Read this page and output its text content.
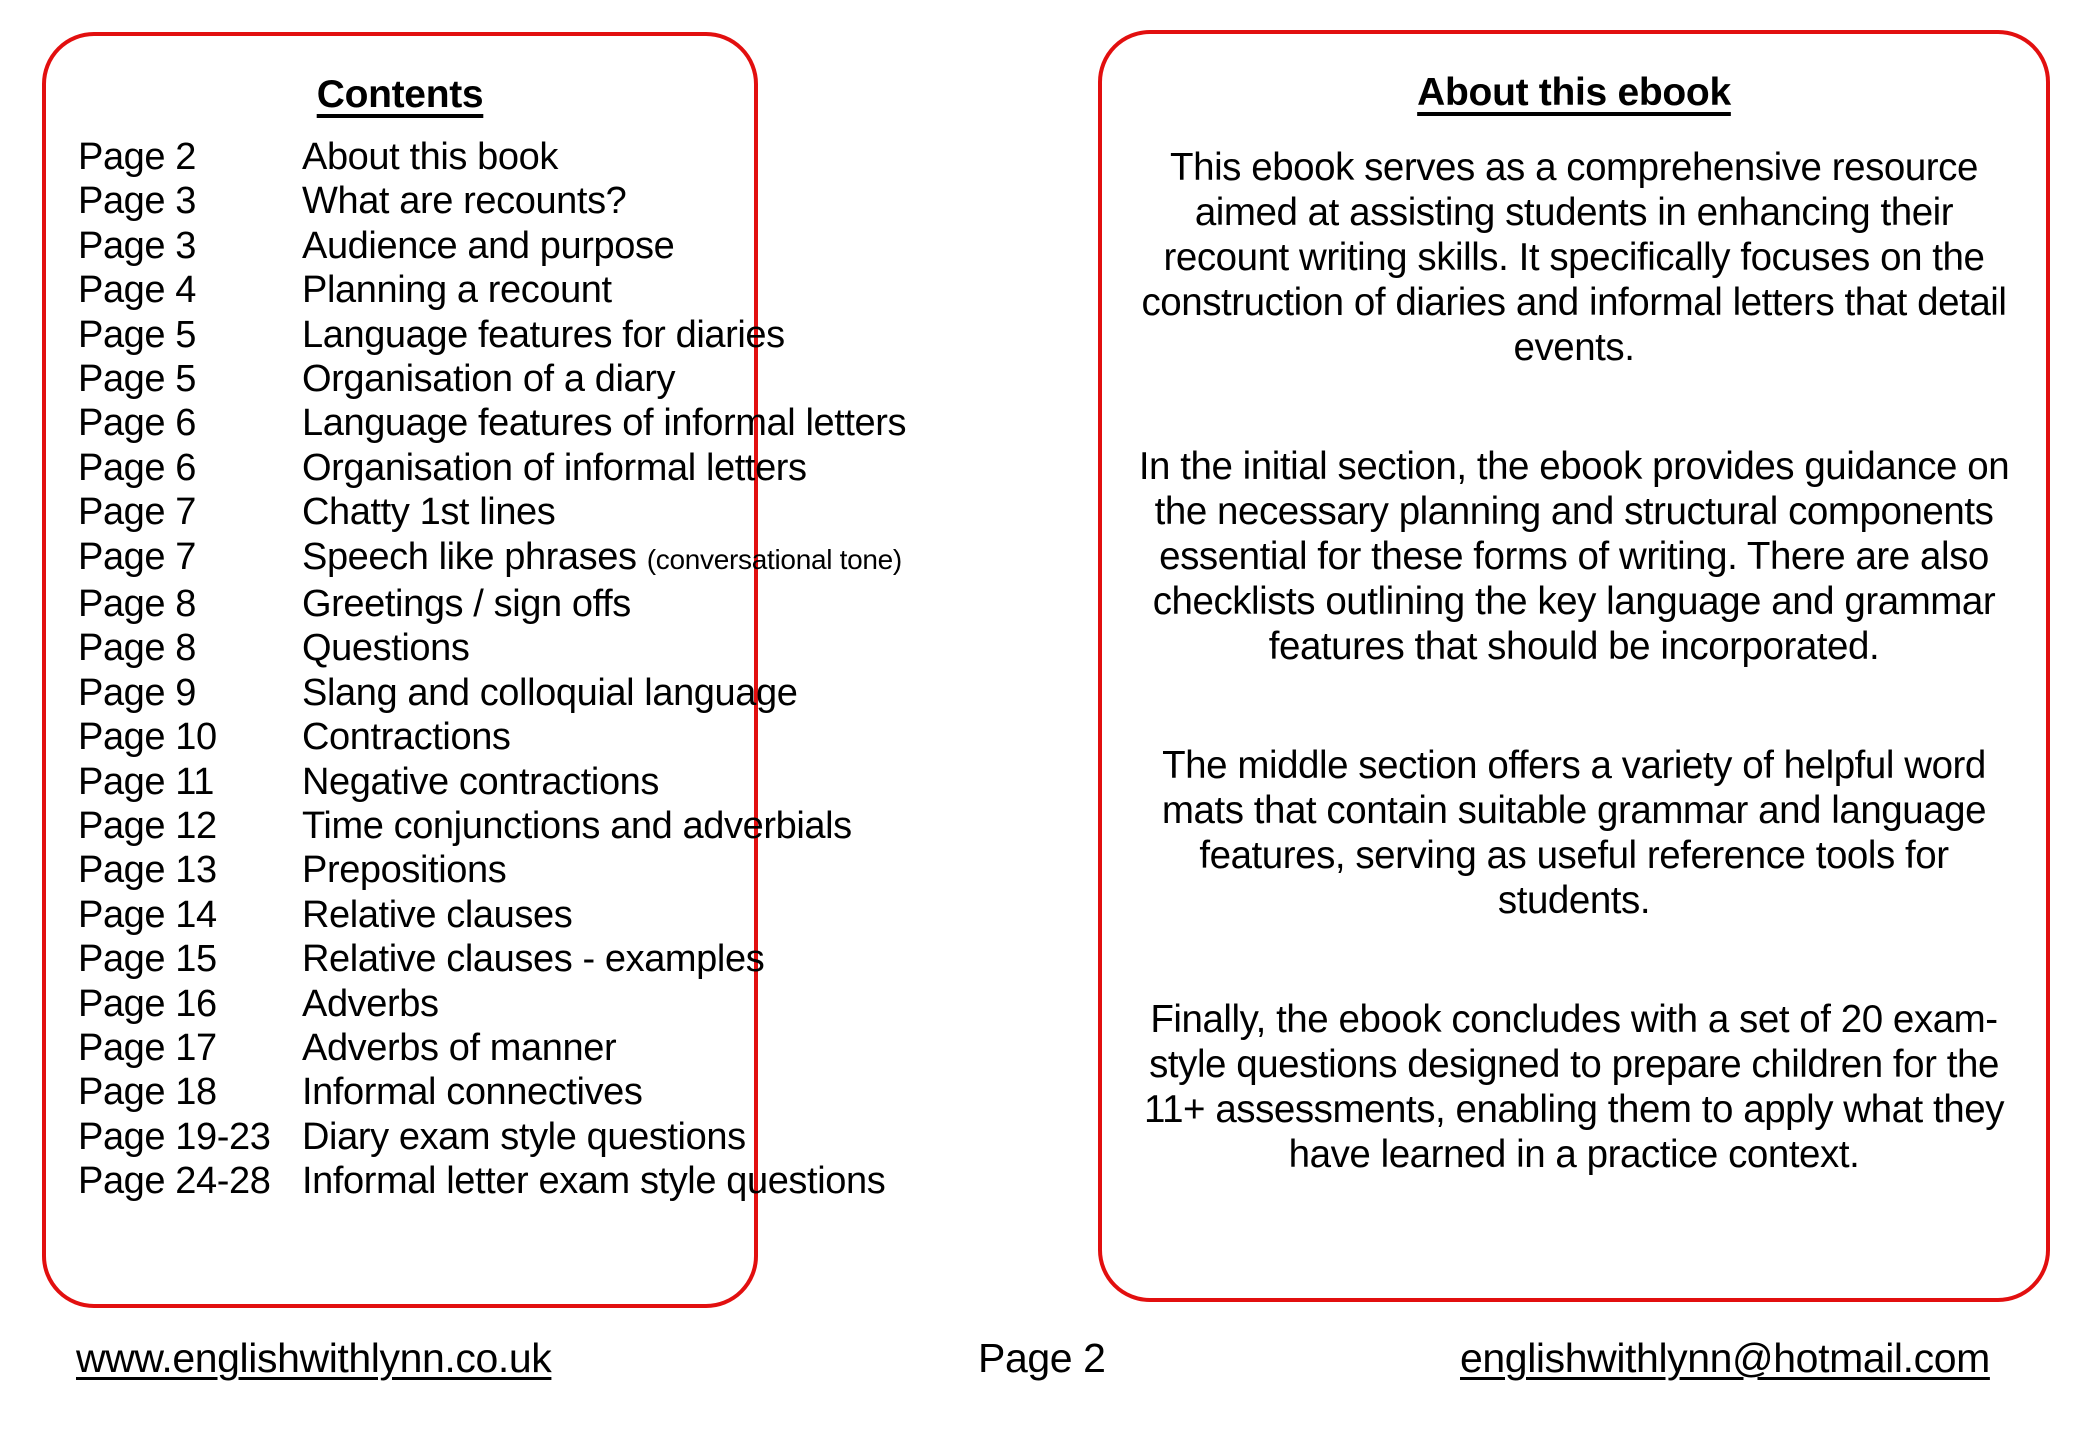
Contents
Page 2	About this book
Page 3	What are recounts?
Page 3	Audience and purpose
Page 4	Planning a recount
Page 5	Language features for diaries
Page 5	Organisation of a diary
Page 6	Language features of informal letters
Page 6	Organisation of informal letters
Page 7	Chatty 1st lines
Page 7	Speech like phrases (conversational tone)
Page 8	Greetings / sign offs
Page 8	Questions
Page 9	Slang and colloquial language
Page 10	Contractions
Page 11	Negative contractions
Page 12	Time conjunctions and adverbials
Page 13	Prepositions
Page 14	Relative clauses
Page 15	Relative clauses - examples
Page 16	Adverbs
Page 17	Adverbs of manner
Page 18	Informal connectives
Page 19-23 Diary exam style questions
Page 24-28 Informal letter exam style questions
About this ebook

This ebook serves as a comprehensive resource aimed at assisting students in enhancing their recount writing skills. It specifically focuses on the construction of diaries and informal letters that detail events.

In the initial section, the ebook provides guidance on the necessary planning and structural components essential for these forms of writing. There are also checklists outlining the key language and grammar features that should be incorporated.

The middle section offers a variety of helpful word mats that contain suitable grammar and language features, serving as useful reference tools for students.

Finally, the ebook concludes with a set of 20 exam-style questions designed to prepare children for the 11+ assessments, enabling them to apply what they have learned in a practice context.

www.englishwithlynn.co.uk	Page 2	englishwithlynn@hotmail.com
